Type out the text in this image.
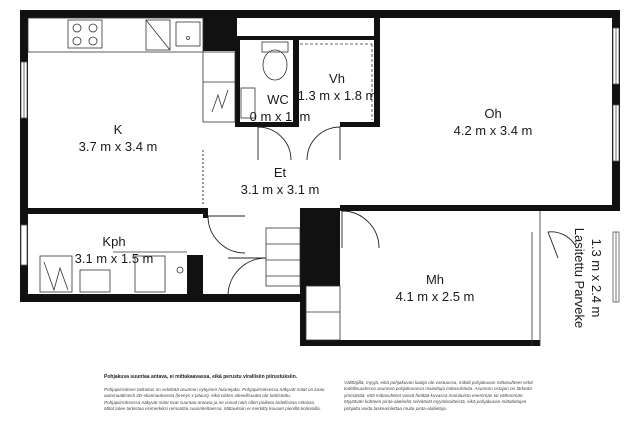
K
3.7 m x 3.4 m
WC
0 m x 1. m
Vh
1.3 m x 1.8 m
Oh
4.2 m x 3.4 m
Et
3.1 m x 3.1 m
Kph
3.1 m x 1.5 m
Mh
4.1 m x 2.5 m	Lasitettu Parveke 1.3 m x 2.4 m
Pohjakuva suuntaa antava, ei mittakaavassa, eikä perustu virallisiin piirustuksiin.
Pohjapiirroksen tarkoitus on selvittää asunnon nykyinen huonejako. Pohjapiirroksessa näkyvät mitat on luotu automaattisesti 3D-skannauksesta (leveys x pituus), eikä niiden oikeellisuutta ole tarkistettu. Pohjapiirroksessa näkyvät mitat ovat suuntaa-antavia ja ne voivat näin ollen poiketa todellisista mitoista. Mitat tulee tarkistaa esimerkiksi remonttia suunniteltaessa. Mittauksiin ei merkitty kuvaan pienillä kolmioilla.
Välittäjillä, myyjä, eikä pohjakuvan laatija ole vastuussa, mikäli pohjakuvan mittasuhteet sekä todellisuudessa asunnon pohjakuvassa mainittuja mittasuhteita. Asunnon ostajan on tärkeää ymmärtää, että mittasuhteet voivat heittää kuvassa mainituista enemmän tai vähemmän. Myytävän kohteen pinta-alatiedot selvitävät myyntiesitteistä, eikä pohjakuvan mittatietojen pohjalta voida laskea/olettaa muita pinta-alatietoja.
